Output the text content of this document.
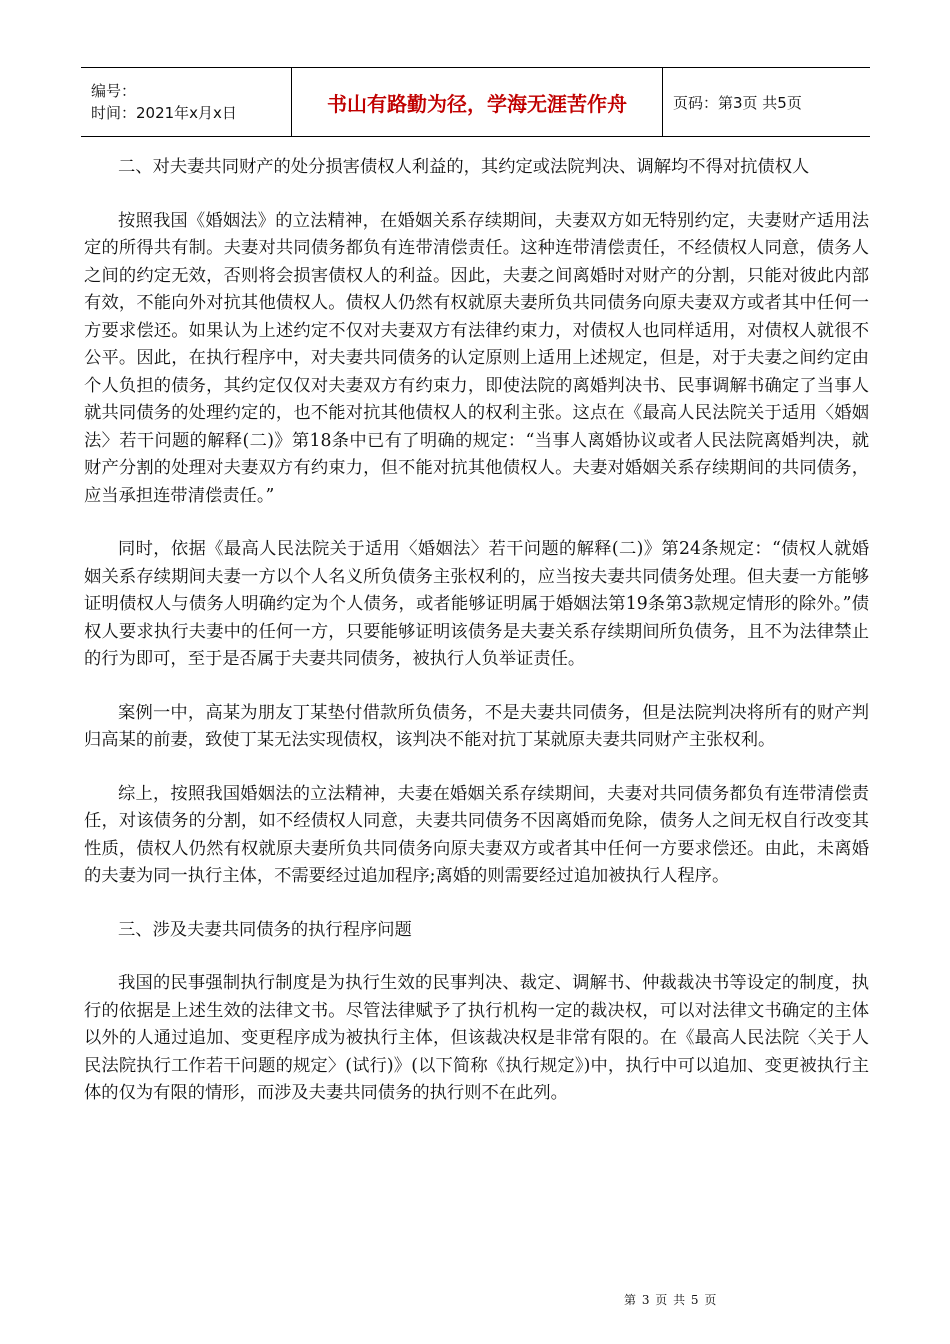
编号：
时间：2021年x月x日	书山有路勤为径，学海无涯苦作舟	页码：第3页 共5页

二、对夫妻共同财产的处分损害债权人利益的，其约定或法院判决、调解均不得对抗债权人

按照我国《婚姻法》的立法精神，在婚姻关系存续期间，夫妻双方如无特别约定，夫妻财产适用法定的所得共有制。夫妻对共同债务都负有连带清偿责任。这种连带清偿责任，不经债权人同意，债务人之间的约定无效，否则将会损害债权人的利益。因此，夫妻之间离婚时对财产的分割，只能对彼此内部有效，不能向外对抗其他债权人。债权人仍然有权就原夫妻所负共同债务向原夫妻双方或者其中任何一方要求偿还。如果认为上述约定不仅对夫妻双方有法律约束力，对债权人也同样适用，对债权人就很不公平。因此，在执行程序中，对夫妻共同债务的认定原则上适用上述规定，但是，对于夫妻之间约定由个人负担的债务，其约定仅仅对夫妻双方有约束力，即使法院的离婚判决书、民事调解书确定了当事人就共同债务的处理约定的，也不能对抗其他债权人的权利主张。这点在《最高人民法院关于适用〈婚姻法〉若干问题的解释(二)》第18条中已有了明确的规定：“当事人离婚协议或者人民法院离婚判决，就财产分割的处理对夫妻双方有约束力，但不能对抗其他债权人。夫妻对婚姻关系存续期间的共同债务，应当承担连带清偿责任。”

同时，依据《最高人民法院关于适用〈婚姻法〉若干问题的解释(二)》第24条规定：“债权人就婚姻关系存续期间夫妻一方以个人名义所负债务主张权利的，应当按夫妻共同债务处理。但夫妻一方能够证明债权人与债务人明确约定为个人债务，或者能够证明属于婚姻法第19条第3款规定情形的除外。”债权人要求执行夫妻中的任何一方，只要能够证明该债务是夫妻关系存续期间所负债务，且不为法律禁止的行为即可，至于是否属于夫妻共同债务，被执行人负举证责任。

案例一中，高某为朋友丁某垫付借款所负债务，不是夫妻共同债务，但是法院判决将所有的财产判归高某的前妻，致使丁某无法实现债权，该判决不能对抗丁某就原夫妻共同财产主张权利。

综上，按照我国婚姻法的立法精神，夫妻在婚姻关系存续期间，夫妻对共同债务都负有连带清偿责任，对该债务的分割，如不经债权人同意，夫妻共同债务不因离婚而免除，债务人之间无权自行改变其性质，债权人仍然有权就原夫妻所负共同债务向原夫妻双方或者其中任何一方要求偿还。由此，未离婚的夫妻为同一执行主体，不需要经过追加程序;离婚的则需要经过追加被执行人程序。

三、涉及夫妻共同债务的执行程序问题

我国的民事强制执行制度是为执行生效的民事判决、裁定、调解书、仲裁裁决书等设定的制度，执行的依据是上述生效的法律文书。尽管法律赋予了执行机构一定的裁决权，可以对法律文书确定的主体以外的人通过追加、变更程序成为被执行主体，但该裁决权是非常有限的。在《最高人民法院〈关于人民法院执行工作若干问题的规定〉(试行)》(以下简称《执行规定》)中，执行中可以追加、变更被执行主体的仅为有限的情形，而涉及夫妻共同债务的执行则不在此列。

第 3 页 共 5 页
